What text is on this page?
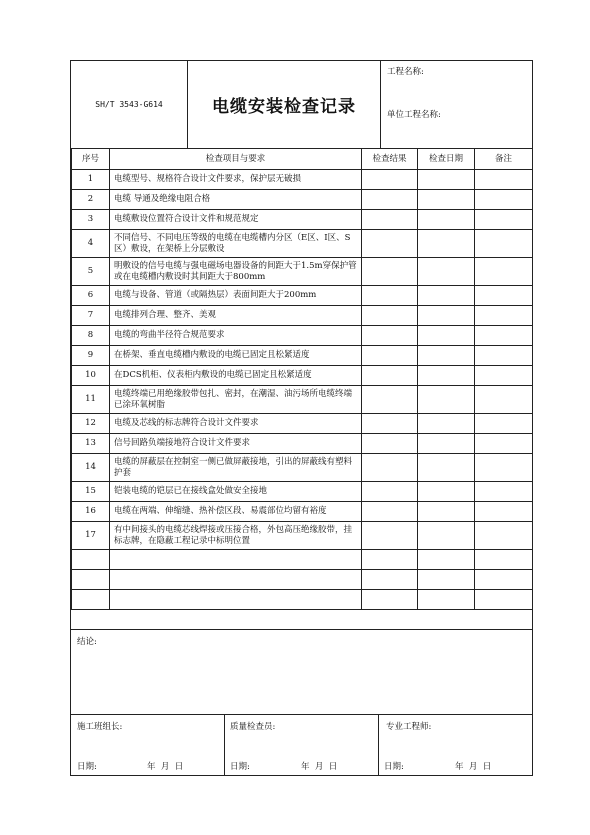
SH/T 3543-G614	电缆安装检查记录
工程名称:
单位工程名称:
序号	检查项目与要求	检查结果	检查日期	备注
1	电缆型号、规格符合设计文件要求，保护层无破损			
2	电缆 导通及绝缘电阻合格			
3	电缆敷设位置符合设计文件和规范规定			
4	不同信号、不同电压等级的电缆在电缆槽内分区（E区、I区、S区）敷设，在架桥上分层敷设			
5	明敷设的信号电缆与强电磁场电器设备的间距大于1.5m穿保护管或在电缆槽内敷设时其间距大于800mm			
6	电缆与设备、管道（或隔热层）表面间距大于200mm			
7	电缆排列合理、整齐、美观			
8	电缆的弯曲半径符合规范要求			
9	在桥架、垂直电缆槽内敷设的电缆已固定且松紧适度			
10	在DCS机柜、仪表柜内敷设的电缆已固定且松紧适度			
11	电缆终端已用绝缘胶带包扎、密封，在潮湿、油污场所电缆终端已涂环氧树脂			
12	电缆及芯线的标志牌符合设计文件要求			
13	信号回路负端接地符合设计文件要求			
14	电缆的屏蔽层在控制室一侧已做屏蔽接地，引出的屏蔽线有塑料护套			
15	铠装电缆的铠层已在接线盒处做安全接地			
16	电缆在两端、伸缩缝、热补偿区段、易震部位均留有裕度			
17	有中间接头的电缆芯线焊接或压接合格，外包高压绝缘胶带，挂标志牌，在隐蔽工程记录中标明位置			

结论:
施工班组长:
日期:	年  月  日
质量检查员:
日期:	年  月  日
专业工程师:
日期:	年  月  日
